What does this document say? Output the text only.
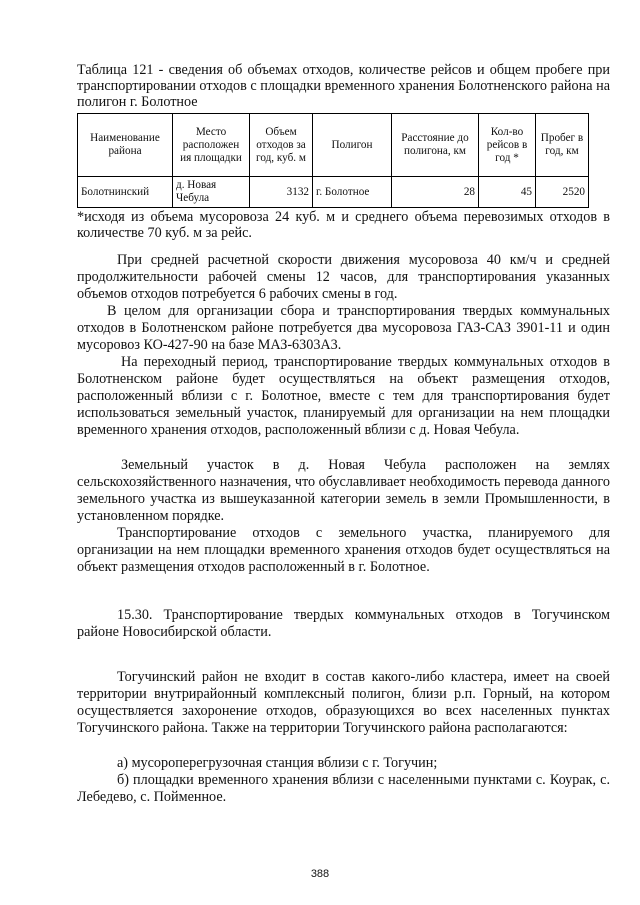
Таблица 121 - сведения об объемах отходов, количестве рейсов и общем пробеге при транспортировании отходов с площадки временного хранения Болотненского района на полигон г. Болотное

Наименование района	Место расположен ия площадки	Объем отходов за год, куб. м	Полигон	Расстояние до полигона, км	Кол-во рейсов в год *	Пробег в год, км
Болотнинский	д. Новая Чебула	3132	г. Болотное	28	45	2520

*исходя из объема мусоровоза 24 куб. м и среднего объема перевозимых отходов в количестве 70 куб. м за рейс.

При средней расчетной скорости движения мусоровоза 40 км/ч и средней продолжительности рабочей смены 12 часов, для транспортирования указанных объемов отходов потребуется 6 рабочих смены в год.

В целом для организации сбора и транспортирования твердых коммунальных отходов в Болотненском районе потребуется два мусоровоза ГАЗ-САЗ 3901-11 и один мусоровоз КО-427-90 на базе МАЗ-6303А3.

На переходный период, транспортирование твердых коммунальных отходов в Болотненском районе будет осуществляться на объект размещения отходов, расположенный вблизи с г. Болотное, вместе с тем для транспортирования будет использоваться земельный участок, планируемый для организации на нем площадки временного хранения отходов, расположенный вблизи с д. Новая Чебула.

Земельный участок в д. Новая Чебула расположен на землях сельскохозяйственного назначения, что обуславливает необходимость перевода данного земельного участка из вышеуказанной категории земель в земли Промышленности, в установленном порядке.

Транспортирование отходов с земельного участка, планируемого для организации на нем площадки временного хранения отходов будет осуществляться на объект размещения отходов расположенный в г. Болотное.

15.30. Транспортирование твердых коммунальных отходов в Тогучинском районе Новосибирской области.

Тогучинский район не входит в состав какого-либо кластера, имеет на своей территории внутрирайонный комплексный полигон, близи р.п. Горный, на котором осуществляется захоронение отходов, образующихся во всех населенных пунктах Тогучинского района. Также на территории Тогучинского района располагаются:

а) мусороперегрузочная станция вблизи с г. Тогучин;

б) площадки временного хранения вблизи с населенными пунктами с. Коурак, с. Лебедево, с. Пойменное.

388
